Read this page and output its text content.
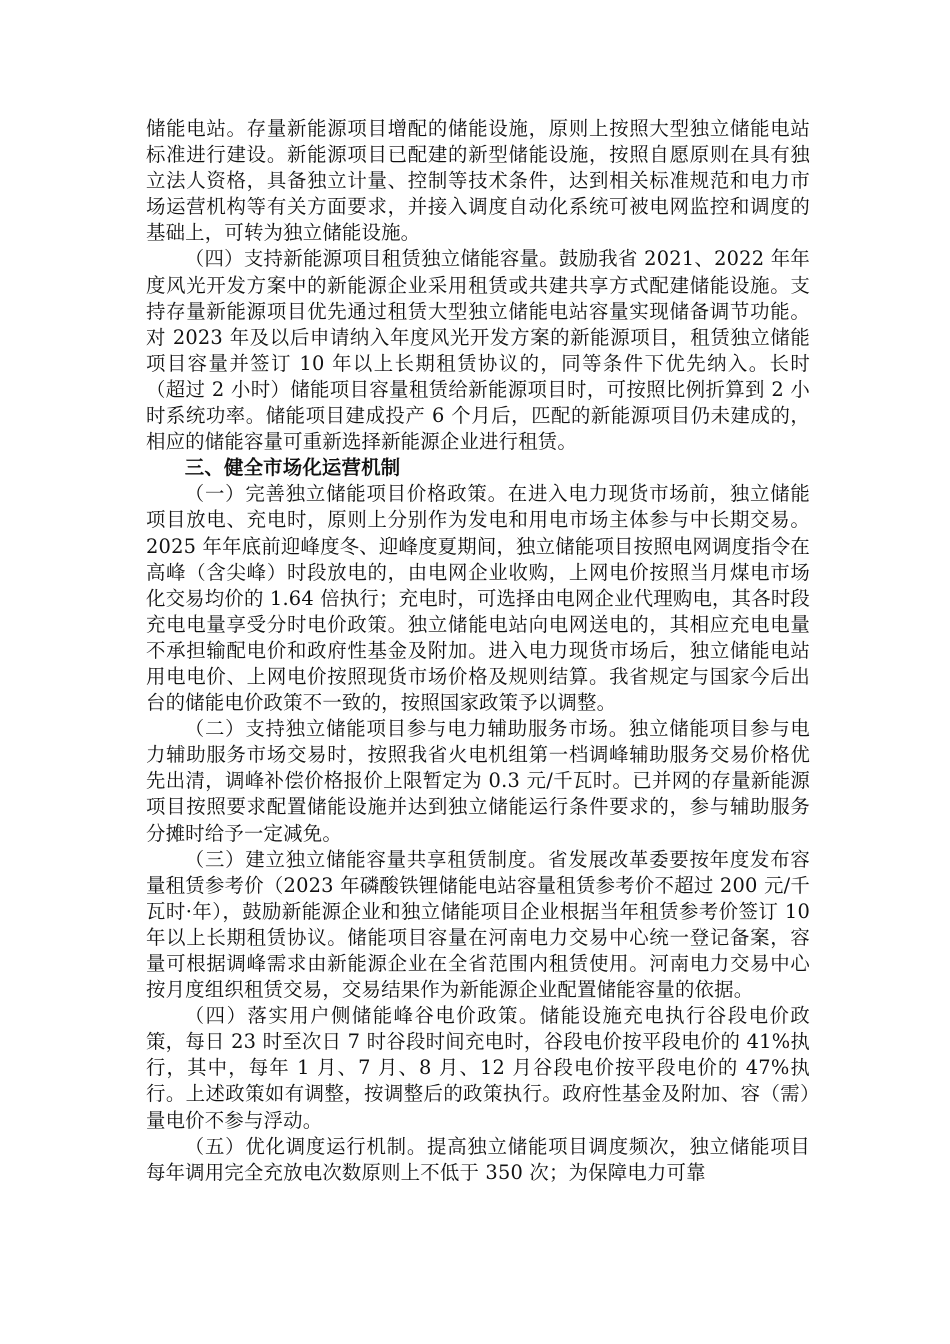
储能电站。存量新能源项目增配的储能设施，原则上按照大型独立储能电站标准进行建设。新能源项目已配建的新型储能设施，按照自愿原则在具有独立法人资格，具备独立计量、控制等技术条件，达到相关标准规范和电力市场运营机构等有关方面要求，并接入调度自动化系统可被电网监控和调度的基础上，可转为独立储能设施。

（四）支持新能源项目租赁独立储能容量。鼓励我省 2021、2022 年年度风光开发方案中的新能源企业采用租赁或共建共享方式配建储能设施。支持存量新能源项目优先通过租赁大型独立储能电站容量实现储备调节功能。对 2023 年及以后申请纳入年度风光开发方案的新能源项目，租赁独立储能项目容量并签订 10 年以上长期租赁协议的，同等条件下优先纳入。长时（超过 2 小时）储能项目容量租赁给新能源项目时，可按照比例折算到 2 小时系统功率。储能项目建成投产 6 个月后，匹配的新能源项目仍未建成的，相应的储能容量可重新选择新能源企业进行租赁。

三、健全市场化运营机制

（一）完善独立储能项目价格政策。在进入电力现货市场前，独立储能项目放电、充电时，原则上分别作为发电和用电市场主体参与中长期交易。2025 年年底前迎峰度冬、迎峰度夏期间，独立储能项目按照电网调度指令在高峰（含尖峰）时段放电的，由电网企业收购，上网电价按照当月煤电市场化交易均价的 1.64 倍执行；充电时，可选择由电网企业代理购电，其各时段充电电量享受分时电价政策。独立储能电站向电网送电的，其相应充电电量不承担输配电价和政府性基金及附加。进入电力现货市场后，独立储能电站用电电价、上网电价按照现货市场价格及规则结算。我省规定与国家今后出台的储能电价政策不一致的，按照国家政策予以调整。

（二）支持独立储能项目参与电力辅助服务市场。独立储能项目参与电力辅助服务市场交易时，按照我省火电机组第一档调峰辅助服务交易价格优先出清，调峰补偿价格报价上限暂定为 0.3 元/千瓦时。已并网的存量新能源项目按照要求配置储能设施并达到独立储能运行条件要求的，参与辅助服务分摊时给予一定减免。

（三）建立独立储能容量共享租赁制度。省发展改革委要按年度发布容量租赁参考价（2023 年磷酸铁锂储能电站容量租赁参考价不超过 200 元/千瓦时·年），鼓励新能源企业和独立储能项目企业根据当年租赁参考价签订 10 年以上长期租赁协议。储能项目容量在河南电力交易中心统一登记备案，容量可根据调峰需求由新能源企业在全省范围内租赁使用。河南电力交易中心按月度组织租赁交易，交易结果作为新能源企业配置储能容量的依据。

（四）落实用户侧储能峰谷电价政策。储能设施充电执行谷段电价政策，每日 23 时至次日 7 时谷段时间充电时，谷段电价按平段电价的 41%执行，其中，每年 1 月、7 月、8 月、12 月谷段电价按平段电价的 47%执行。上述政策如有调整，按调整后的政策执行。政府性基金及附加、容（需）量电价不参与浮动。

（五）优化调度运行机制。提高独立储能项目调度频次，独立储能项目每年调用完全充放电次数原则上不低于 350 次；为保障电力可靠
